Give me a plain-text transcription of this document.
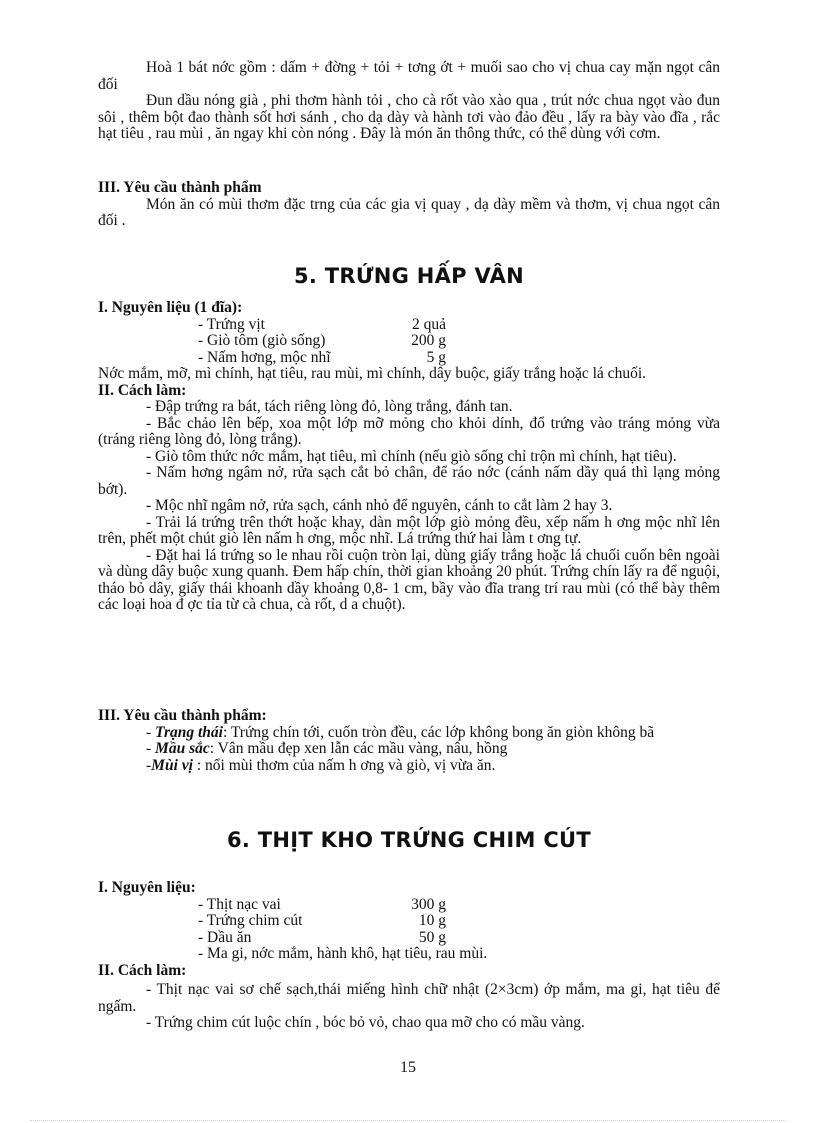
Hoà 1 bát nớc gồm : dấm + đờng + tỏi + tơng ớt + muối sao cho vị chua cay mặn ngọt cân đối

Đun dầu nóng già , phi thơm hành tỏi , cho cà rốt vào xào qua , trút nớc chua ngọt vào đun sôi , thêm bột đao thành sốt hơi sánh , cho dạ dày và hành tơi vào đảo đều , lấy ra bày vào đĩa , rắc hạt tiêu , rau mùi , ăn ngay khi còn nóng . Đây là món ăn thông thức, có thể dùng với cơm.

III. Yêu cầu thành phẩm

Món ăn có mùi thơm đặc trng của các gia vị quay , dạ dày mềm và thơm, vị chua ngọt cân đối .

5. TRỨNG HẤP VÂN

I. Nguyên liệu (1 đĩa):

- Trứng vịt	2 quả
- Giò tôm (giò sống)	200 g
- Nấm hơng, mộc nhĩ	5 g

Nớc mắm, mỡ, mì chính, hạt tiêu, rau mùi, mì chính, dây buộc, giấy trắng hoặc lá chuối.

II. Cách làm:

- Đập trứng ra bát, tách riêng lòng đỏ, lòng trắng, đánh tan.

- Bắc chảo lên bếp, xoa một lớp mỡ mỏng cho khỏi dính, đổ trứng vào tráng mỏng vừa (tráng riêng lòng đỏ, lòng trắng).

- Giò tôm thức nớc mắm, hạt tiêu, mì chính (nếu giò sống chỉ trộn mì chính, hạt tiêu).

- Nấm hơng ngâm nở, rửa sạch cắt bỏ chân, để ráo nớc (cánh nấm dầy quá thì lạng mỏng bớt).

- Mộc nhĩ ngâm nở, rửa sạch, cánh nhỏ để nguyên, cánh to cắt làm 2 hay 3.

- Trải lá trứng trên thớt hoặc khay, dàn một lớp giò mỏng đều, xếp nấm h ơng mộc nhĩ lên trên, phết một chút giò lên nấm h ơng, mộc nhĩ. Lá trứng thứ hai làm t ơng tự.

- Đặt hai lá trứng so le nhau rồi cuộn tròn lại, dùng giấy trắng hoặc lá chuối cuốn bên ngoài và dùng dây buộc xung quanh. Đem hấp chín, thời gian khoảng 20 phút. Trứng chín lấy ra để nguội, tháo bỏ dây, giấy thái khoanh dầy khoảng 0,8- 1 cm, bầy vào đĩa trang trí rau mùi (có thể bày thêm các loại hoa đ ợc tỉa từ cà chua, cà rốt, d a chuột).

III. Yêu cầu thành phẩm:

- Trạng thái: Trứng chín tới, cuốn tròn đều, các lớp không bong ăn giòn không bã

- Mầu sắc: Vân mầu đẹp xen lẫn các mầu vàng, nâu, hồng

-Mùi vị : nổi mùi thơm của nấm h ơng và giò, vị vừa ăn.

6. THỊT KHO TRỨNG CHIM CÚT

I. Nguyên liệu:

- Thịt nạc vai	300 g
- Trứng chim cút	10 g
- Dầu ăn	50 g
- Ma gi, nớc mắm, hành khô, hạt tiêu, rau mùi.

II. Cách làm:

- Thịt nạc vai sơ chế sạch,thái miếng hình chữ nhật (2×3cm) ớp mắm, ma gi, hạt tiêu để ngấm.

- Trứng chim cút luộc chín , bóc bỏ vỏ, chao qua mỡ cho có mầu vàng.

15
